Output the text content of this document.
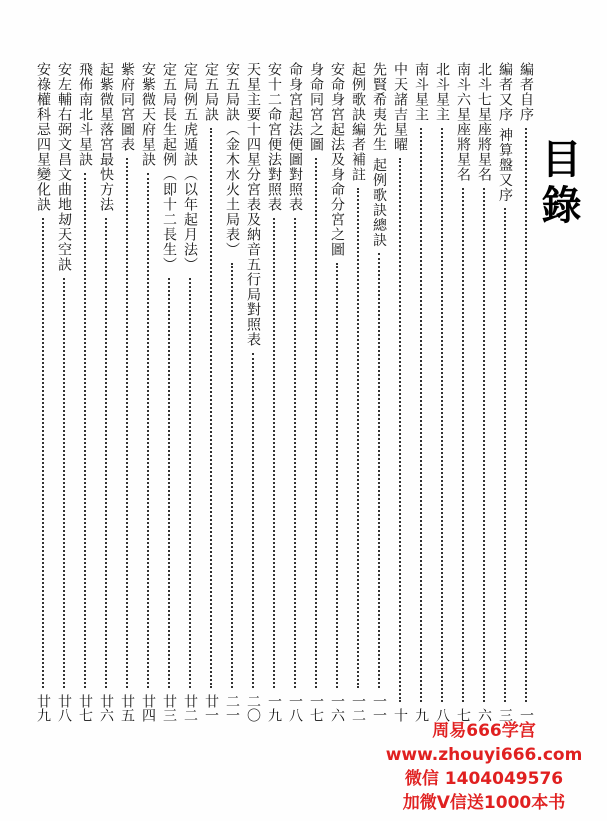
目錄
編者自序
一
編者又序 神算盤又序
三
北斗七星座將星名
六
南斗六星座將星名
七
北斗星主
八
南斗星主
九
中天諸吉星曜
十
先賢希夷先生 起例歌訣總訣
一一
起例歌訣編者補註
一二
安命身宮起法及身命分宮之圖
一六
身命同宮之圖
一七
命身宮起法便圖對照表
一八
安十二命宮便法對照表
一九
天星主要十四星分宮表及納音五行局對照表
二〇
安五局訣（金木水火土局表）
二一
定五局訣
廿一
定局例五虎遁訣（以年起月法）
廿二
定五局長生起例（即十二長生）
廿三
安紫微天府星訣
廿四
紫府同宮圖表
廿五
起紫微星落宮最快方法
廿六
飛佈南北斗星訣
廿七
安左輔右弼文昌文曲地刼天空訣
廿八
安祿權科忌四星變化訣
廿九
周易666学宫
www.zhouyi666.com
微信 1404049576
加微V信送1000本书
